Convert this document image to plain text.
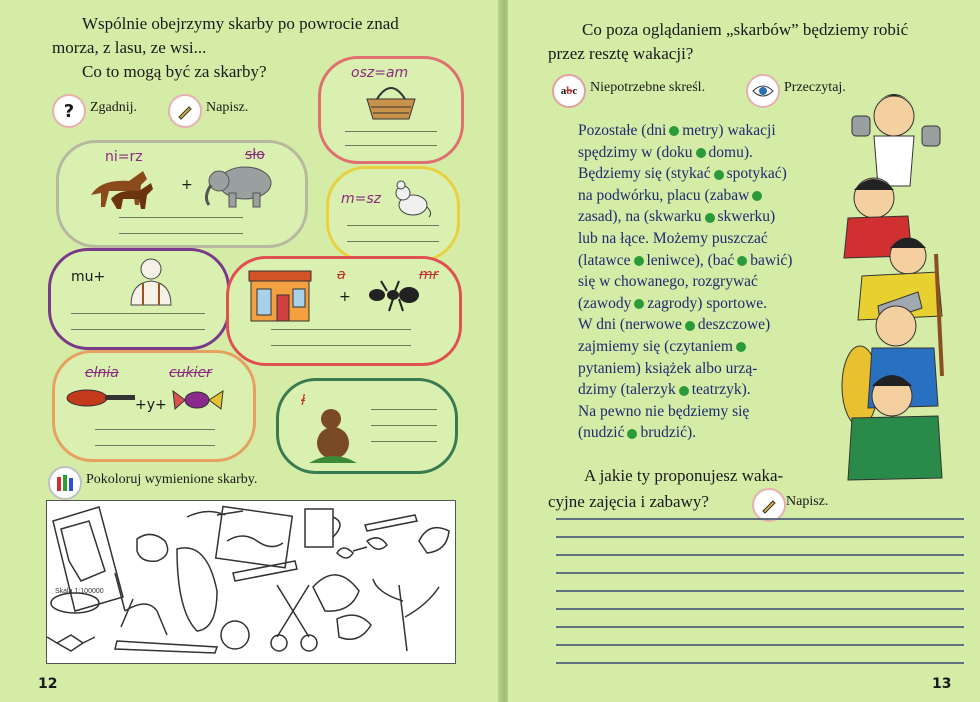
Wspólnie obejrzymy skarby po powrocie znad
morza, z lasu, ze wsi...
Co to mogą być za skarby?
?	Zgadnij.	Napisz.
ni=rz	sło
+
osz=am
m=sz
mu+	a
+
mr
elnia	cukier
+y+	ł
Pokoloruj wymienione skarby.
Skala 1:100000
12
Co poza oglądaniem „skarbów” będziemy robić
przez resztę wakacji?
a b c Niepotrzebne skreśl.	Przeczytaj.
Pozostałe (dni metry) wakacji
spędzimy w (doku domu).
Będziemy się (stykać spotykać)
na podwórku, placu (zabaw
zasad), na (skwarku skwerku)
lub na łące. Możemy puszczać
(latawce leniwce), (bać bawić)
się w chowanego, rozgrywać
(zawody zagrody) sportowe.
W dni (nerwowe deszczowe)
zajmiemy się (czytaniem
pytaniem) książek albo urzą-
dzimy (talerzyk teatrzyk).
Na pewno nie będziemy się
(nudzić brudzić).
A jakie ty proponujesz waka-
cyjne zajęcia i zabawy?	Napisz.
13
